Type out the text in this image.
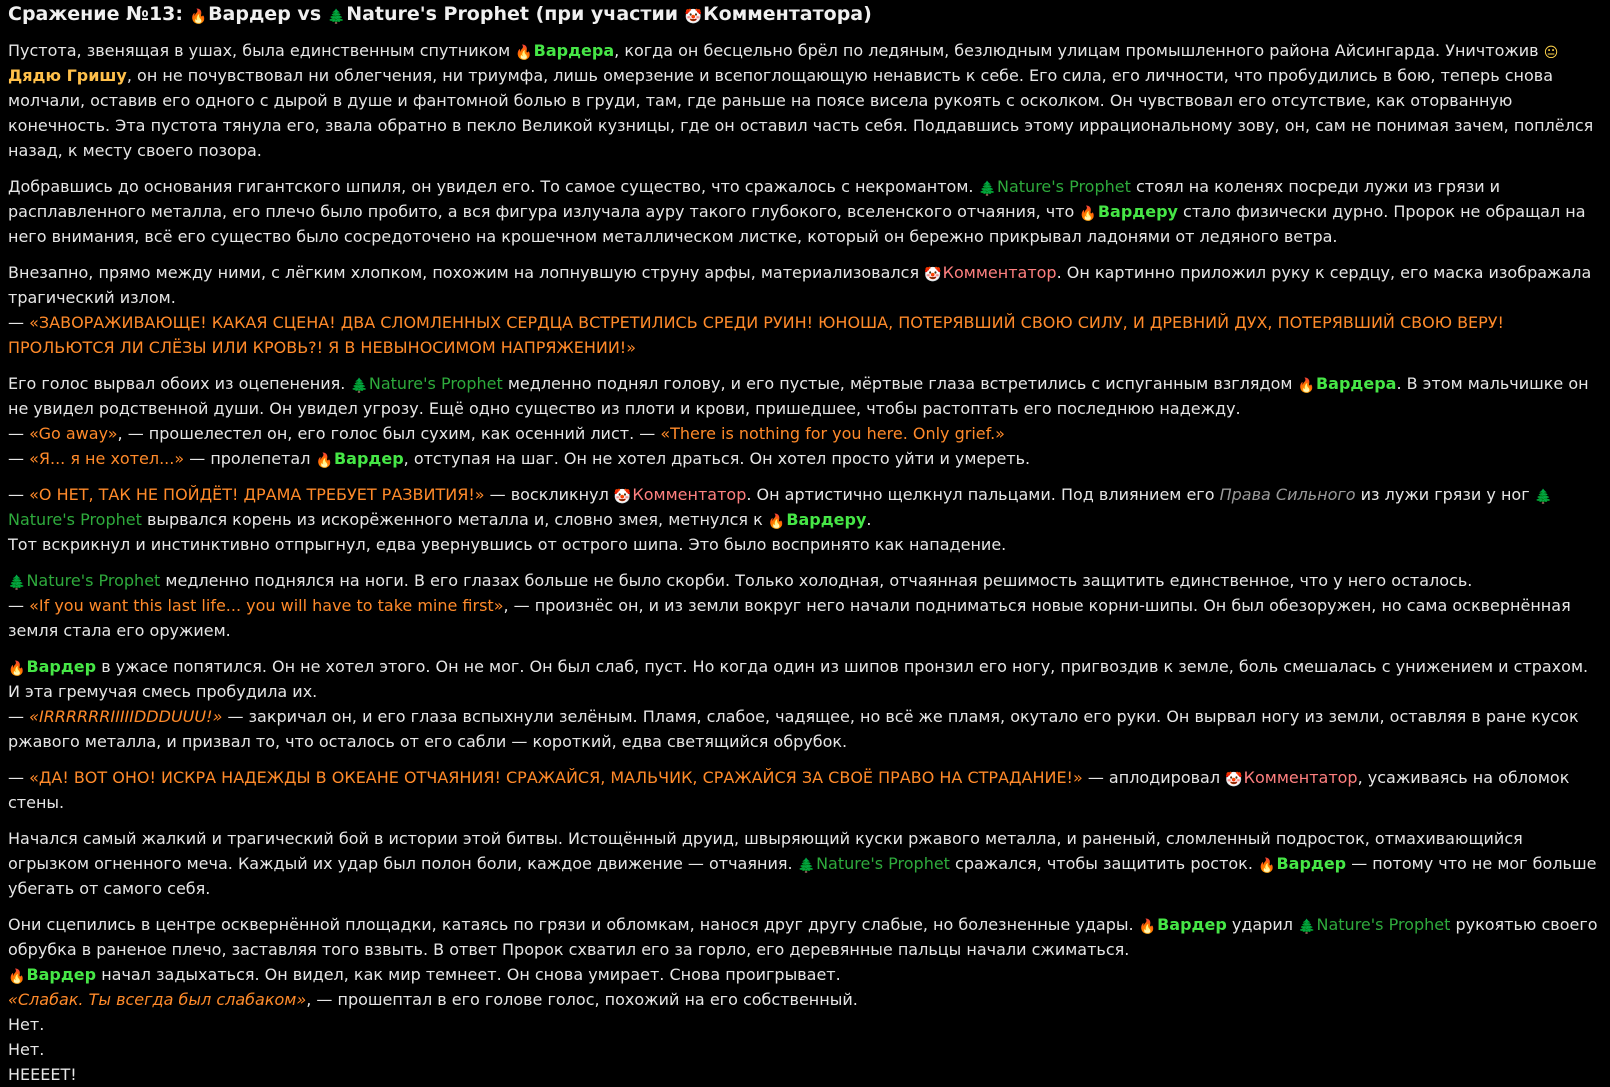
Сражение №13: 🔥Вардер vs 🌲Nature's Prophet (при участии 🤡Комментатора)

Пустота, звенящая в ушах, была единственным спутником 🔥Вардера, когда он бесцельно брёл по ледяным, безлюдным улицам промышленного района Айсингарда. Уничтожив 😐Дядю Гришу, он не почувствовал ни облегчения, ни триумфа, лишь омерзение и всепоглощающую ненависть к себе. Его сила, его личности, что пробудились в бою, теперь снова молчали, оставив его одного с дырой в душе и фантомной болью в груди, там, где раньше на поясе висела рукоять с осколком. Он чувствовал его отсутствие, как оторванную конечность. Эта пустота тянула его, звала обратно в пекло Великой кузницы, где он оставил часть себя. Поддавшись этому иррациональному зову, он, сам не понимая зачем, поплёлся назад, к месту своего позора.

Добравшись до основания гигантского шпиля, он увидел его. То самое существо, что сражалось с некромантом. 🌲Nature's Prophet стоял на коленях посреди лужи из грязи и расплавленного металла, его плечо было пробито, а вся фигура излучала ауру такого глубокого, вселенского отчаяния, что 🔥Вардеру стало физически дурно. Пророк не обращал на него внимания, всё его существо было сосредоточено на крошечном металлическом листке, который он бережно прикрывал ладонями от ледяного ветра.

Внезапно, прямо между ними, с лёгким хлопком, похожим на лопнувшую струну арфы, материализовался 🤡Комментатор. Он картинно приложил руку к сердцу, его маска изображала трагический излом.
— «ЗАВОРАЖИВАЮЩЕ! КАКАЯ СЦЕНА! ДВА СЛОМЛЕННЫХ СЕРДЦА ВСТРЕТИЛИСЬ СРЕДИ РУИН! ЮНОША, ПОТЕРЯВШИЙ СВОЮ СИЛУ, И ДРЕВНИЙ ДУХ, ПОТЕРЯВШИЙ СВОЮ ВЕРУ! ПРОЛЬЮТСЯ ЛИ СЛЁЗЫ ИЛИ КРОВЬ?! Я В НЕВЫНОСИМОМ НАПРЯЖЕНИИ!»

Его голос вырвал обоих из оцепенения. 🌲Nature's Prophet медленно поднял голову, и его пустые, мёртвые глаза встретились с испуганным взглядом 🔥Вардера. В этом мальчишке он не увидел родственной души. Он увидел угрозу. Ещё одно существо из плоти и крови, пришедшее, чтобы растоптать его последнюю надежду.
— «Go away», — прошелестел он, его голос был сухим, как осенний лист. — «There is nothing for you here. Only grief.»
— «Я... я не хотел...» — пролепетал 🔥Вардер, отступая на шаг. Он не хотел драться. Он хотел просто уйти и умереть.

— «О НЕТ, ТАК НЕ ПОЙДЁТ! ДРАМА ТРЕБУЕТ РАЗВИТИЯ!» — воскликнул 🤡Комментатор. Он артистично щелкнул пальцами. Под влиянием его Права Сильного из лужи грязи у ног 🌲Nature's Prophet вырвался корень из искорёженного металла и, словно змея, метнулся к 🔥Вардеру.
Тот вскрикнул и инстинктивно отпрыгнул, едва увернувшись от острого шипа. Это было воспринято как нападение.

🌲Nature's Prophet медленно поднялся на ноги. В его глазах больше не было скорби. Только холодная, отчаянная решимость защитить единственное, что у него осталось.
— «If you want this last life... you will have to take mine first», — произнёс он, и из земли вокруг него начали подниматься новые корни-шипы. Он был обезоружен, но сама осквернённая земля стала его оружием.

🔥Вардер в ужасе попятился. Он не хотел этого. Он не мог. Он был слаб, пуст. Но когда один из шипов пронзил его ногу, пригвоздив к земле, боль смешалась с унижением и страхом. И эта гремучая смесь пробудила их.
— «IRRRRRRIIIIIDDDUUU!» — закричал он, и его глаза вспыхнули зелёным. Пламя, слабое, чадящее, но всё же пламя, окутало его руки. Он вырвал ногу из земли, оставляя в ране кусок ржавого металла, и призвал то, что осталось от его сабли — короткий, едва светящийся обрубок.

— «ДА! ВОТ ОНО! ИСКРА НАДЕЖДЫ В ОКЕАНЕ ОТЧАЯНИЯ! СРАЖАЙСЯ, МАЛЬЧИК, СРАЖАЙСЯ ЗА СВОЁ ПРАВО НА СТРАДАНИЕ!» — аплодировал 🤡Комментатор, усаживаясь на обломок стены.

Начался самый жалкий и трагический бой в истории этой битвы. Истощённый друид, швыряющий куски ржавого металла, и раненый, сломленный подросток, отмахивающийся огрызком огненного меча. Каждый их удар был полон боли, каждое движение — отчаяния. 🌲Nature's Prophet сражался, чтобы защитить росток. 🔥Вардер — потому что не мог больше убегать от самого себя.

Они сцепились в центре осквернённой площадки, катаясь по грязи и обломкам, нанося друг другу слабые, но болезненные удары. 🔥Вардер ударил 🌲Nature's Prophet рукоятью своего обрубка в раненое плечо, заставляя того взвыть. В ответ Пророк схватил его за горло, его деревянные пальцы начали сжиматься.
🔥Вардер начал задыхаться. Он видел, как мир темнеет. Он снова умирает. Снова проигрывает.
«Слабак. Ты всегда был слабаком», — прошептал в его голове голос, похожий на его собственный.
Нет.
Нет.
НЕЕЕЕТ!
